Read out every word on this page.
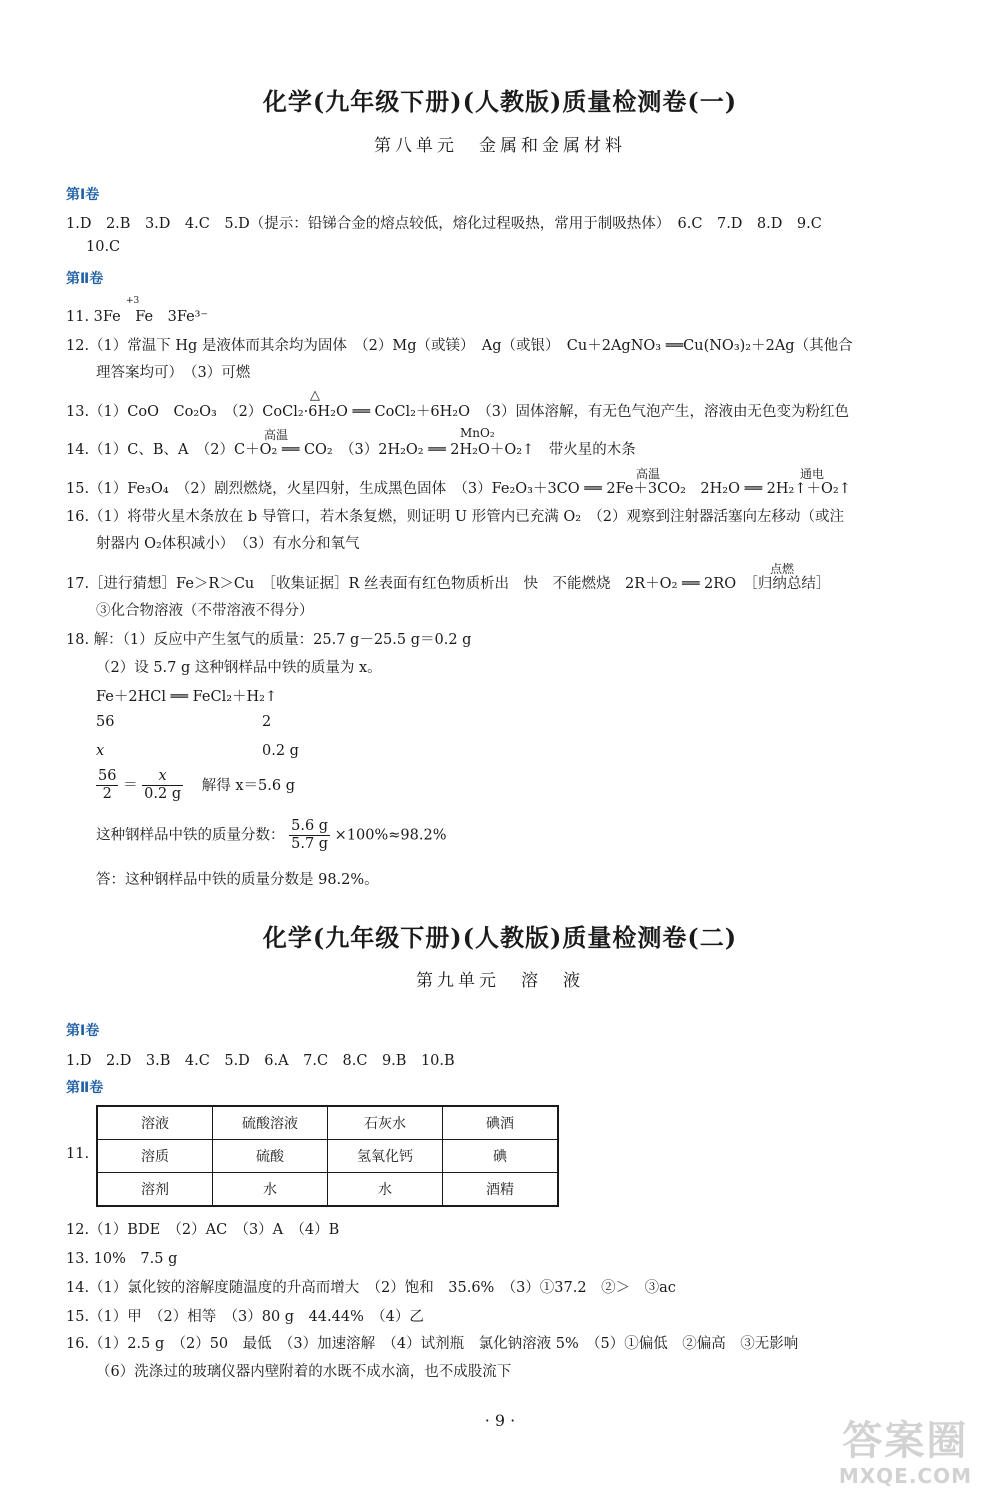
化学(九年级下册)(人教版)质量检测卷(一)
第八单元　金属和金属材料
第Ⅰ卷
1.D　2.B　3.D　4.C　5.D（提示：铅锑合金的熔点较低，熔化过程吸热，常用于制吸热体）　6.C　7.D　8.D　9.C
10.C
第Ⅱ卷
+3
11. 3Fe　Fe　3Fe³⁻
12.（1）常温下 Hg 是液体而其余均为固体　（2）Mg（或镁）　Ag（或银）　Cu＋2AgNO₃ ══Cu(NO₃)₂＋2Ag（其他合
理答案均可）　（3）可燃
△
13.（1）CoO　Co₂O₃　（2）CoCl₂·6H₂O ══ CoCl₂＋6H₂O　（3）固体溶解，有无色气泡产生，溶液由无色变为粉红色
高温	MnO₂
14.（1）C、B、A　（2）C＋O₂ ══ CO₂　（3）2H₂O₂ ══ 2H₂O＋O₂↑　带火星的木条
高温	通电
15.（1）Fe₃O₄　（2）剧烈燃烧，火星四射，生成黑色固体　（3）Fe₂O₃＋3CO ══ 2Fe＋3CO₂　2H₂O ══ 2H₂↑＋O₂↑
16.（1）将带火星木条放在 b 导管口，若木条复燃，则证明 U 形管内已充满 O₂　（2）观察到注射器活塞向左移动（或注
射器内 O₂体积减小）　（3）有水分和氧气
点燃
17.［进行猜想］Fe＞R＞Cu　［收集证据］R 丝表面有红色物质析出　快　不能燃烧　2R＋O₂ ══ 2RO　［归纳总结］
③化合物溶液（不带溶液不得分）
18. 解：（1）反应中产生氢气的质量：25.7 g－25.5 g＝0.2 g
（2）设 5.7 g 这种钢样品中铁的质量为 x。
Fe＋2HCl ══ FeCl₂＋H₂↑
56	2
x	0.2 g
$\frac{56}{2} = \frac{x}{0.2 g}$ 解得 x＝5.6 g
这种钢样品中铁的质量分数： $\frac{5.6 g}{5.7 g} \times 100\%\approx 98.2\%$
答：这种钢样品中铁的质量分数是 98.2%。
化学(九年级下册)(人教版)质量检测卷(二)
第九单元　溶　液
第Ⅰ卷
1.D　2.D　3.B　4.C　5.D　6.A　7.C　8.C　9.B　10.B
第Ⅱ卷
11.
溶液	硫酸溶液	石灰水	碘酒
溶质	硫酸	氢氧化钙	碘
溶剂	水	水	酒精
12.（1）BDE　（2）AC　（3）A　（4）B
13. 10%　7.5 g
14.（1）氯化铵的溶解度随温度的升高而增大　（2）饱和　35.6%　（3）①37.2　②＞　③ac
15.（1）甲　（2）相等　（3）80 g　44.44%　（4）乙
16.（1）2.5 g　（2）50　最低　（3）加速溶解　（4）试剂瓶　氯化钠溶液 5%　（5）①偏低　②偏高　③无影响
（6）洗涤过的玻璃仪器内壁附着的水既不成水滴，也不成股流下
· 9 ·	答案圈
MXQE.COM
